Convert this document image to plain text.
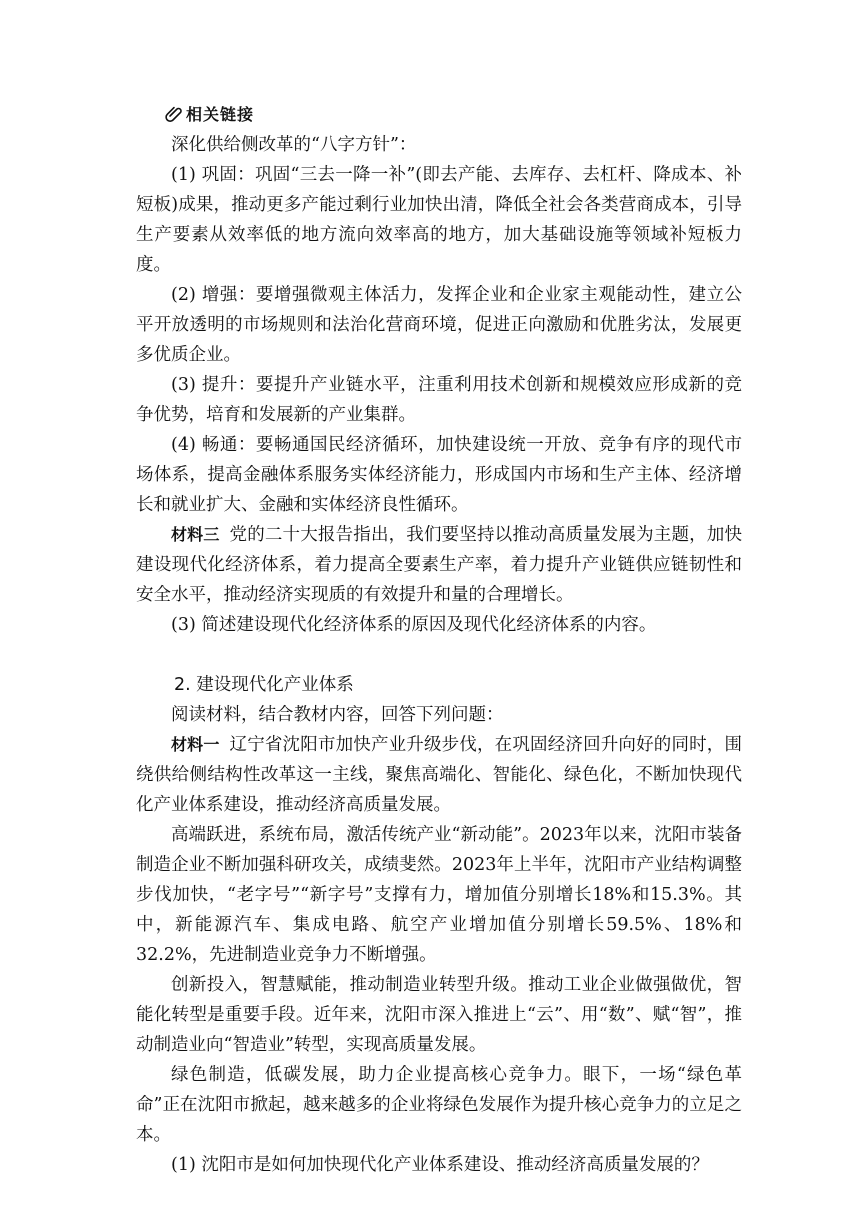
相关链接

深化供给侧改革的“八字方针”：

(1) 巩固：巩固“三去一降一补”(即去产能、去库存、去杠杆、降成本、补短板)成果，推动更多产能过剩行业加快出清，降低全社会各类营商成本，引导生产要素从效率低的地方流向效率高的地方，加大基础设施等领域补短板力度。

(2) 增强：要增强微观主体活力，发挥企业和企业家主观能动性，建立公平开放透明的市场规则和法治化营商环境，促进正向激励和优胜劣汰，发展更多优质企业。

(3) 提升：要提升产业链水平，注重利用技术创新和规模效应形成新的竞争优势，培育和发展新的产业集群。

(4) 畅通：要畅通国民经济循环，加快建设统一开放、竞争有序的现代市场体系，提高金融体系服务实体经济能力，形成国内市场和生产主体、经济增长和就业扩大、金融和实体经济良性循环。

材料三 党的二十大报告指出，我们要坚持以推动高质量发展为主题，加快建设现代化经济体系，着力提高全要素生产率，着力提升产业链供应链韧性和安全水平，推动经济实现质的有效提升和量的合理增长。

(3) 简述建设现代化经济体系的原因及现代化经济体系的内容。

2. 建设现代化产业体系

阅读材料，结合教材内容，回答下列问题：

材料一 辽宁省沈阳市加快产业升级步伐，在巩固经济回升向好的同时，围绕供给侧结构性改革这一主线，聚焦高端化、智能化、绿色化，不断加快现代化产业体系建设，推动经济高质量发展。

高端跃进，系统布局，激活传统产业“新动能”。2023年以来，沈阳市装备制造企业不断加强科研攻关，成绩斐然。2023年上半年，沈阳市产业结构调整步伐加快，“老字号”“新字号”支撑有力，增加值分别增长18%和15.3%。其中，新能源汽车、集成电路、航空产业增加值分别增长59.5%、18%和32.2%，先进制造业竞争力不断增强。

创新投入，智慧赋能，推动制造业转型升级。推动工业企业做强做优，智能化转型是重要手段。近年来，沈阳市深入推进上“云”、用“数”、赋“智”，推动制造业向“智造业”转型，实现高质量发展。

绿色制造，低碳发展，助力企业提高核心竞争力。眼下，一场“绿色革命”正在沈阳市掀起，越来越多的企业将绿色发展作为提升核心竞争力的立足之本。

(1) 沈阳市是如何加快现代化产业体系建设、推动经济高质量发展的？
